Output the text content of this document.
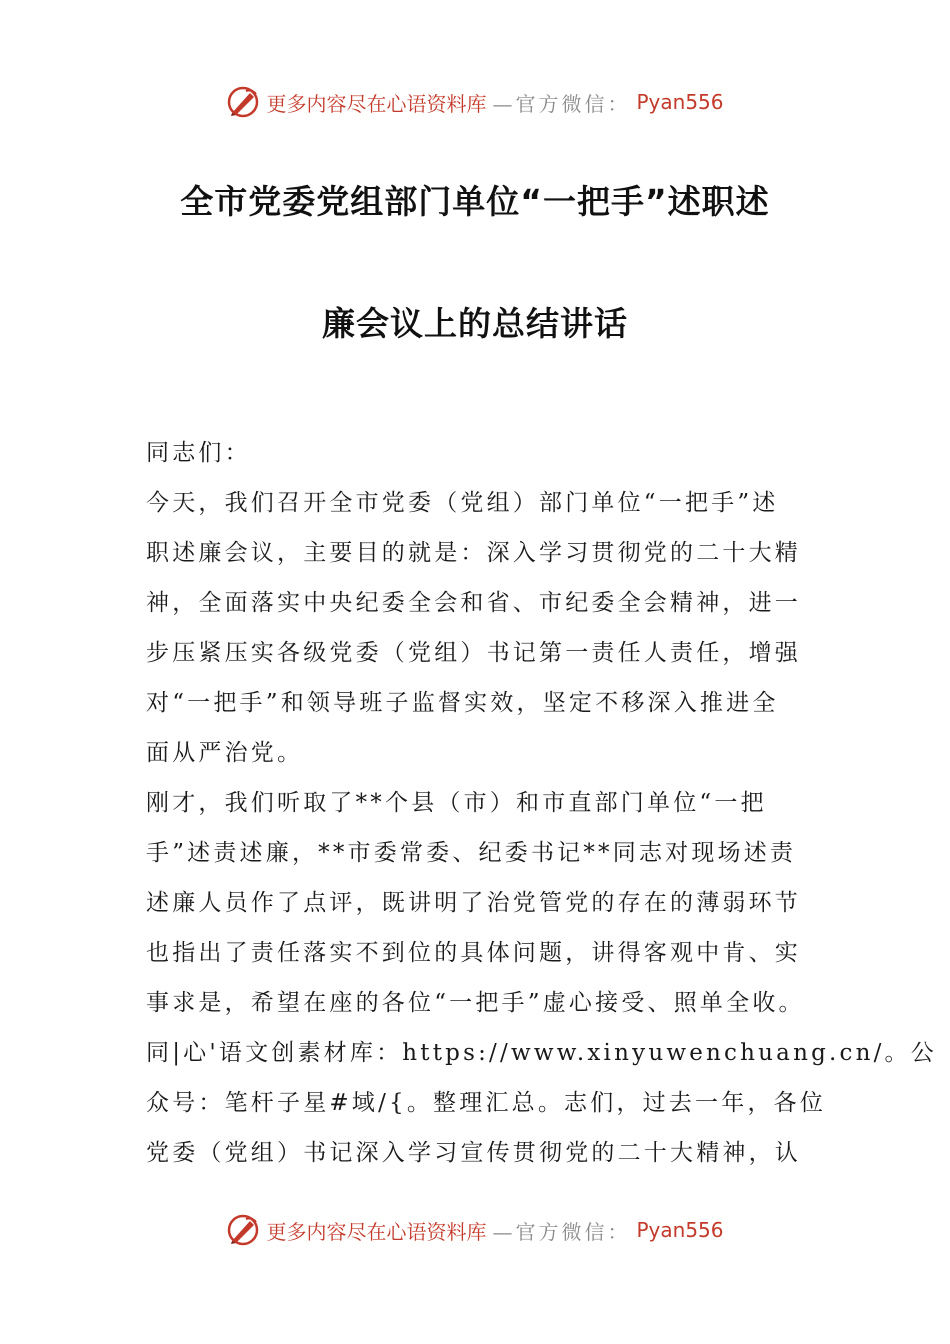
更多内容尽在心语资料库 —官方微信： Pyan556
全市党委党组部门单位“一把手”述职述
廉会议上的总结讲话

同志们：

今天，我们召开全市党委（党组）部门单位“一把手”述

职述廉会议，主要目的就是：深入学习贯彻党的二十大精

神，全面落实中央纪委全会和省、市纪委全会精神，进一

步压紧压实各级党委（党组）书记第一责任人责任，增强

对“一把手”和领导班子监督实效，坚定不移深入推进全

面从严治党。

刚才，我们听取了**个县（市）和市直部门单位“一把

手”述责述廉，**市委常委、纪委书记**同志对现场述责

述廉人员作了点评，既讲明了治党管党的存在的薄弱环节

也指出了责任落实不到位的具体问题，讲得客观中肯、实

事求是，希望在座的各位“一把手”虚心接受、照单全收。

同|心'语文创素材库：https://www.xinyuwenchuang.cn/。公

众号：笔杆子星#域/{。整理汇总。志们，过去一年，各位

党委（党组）书记深入学习宣传贯彻党的二十大精神，认

更多内容尽在心语资料库 —官方微信： Pyan556
